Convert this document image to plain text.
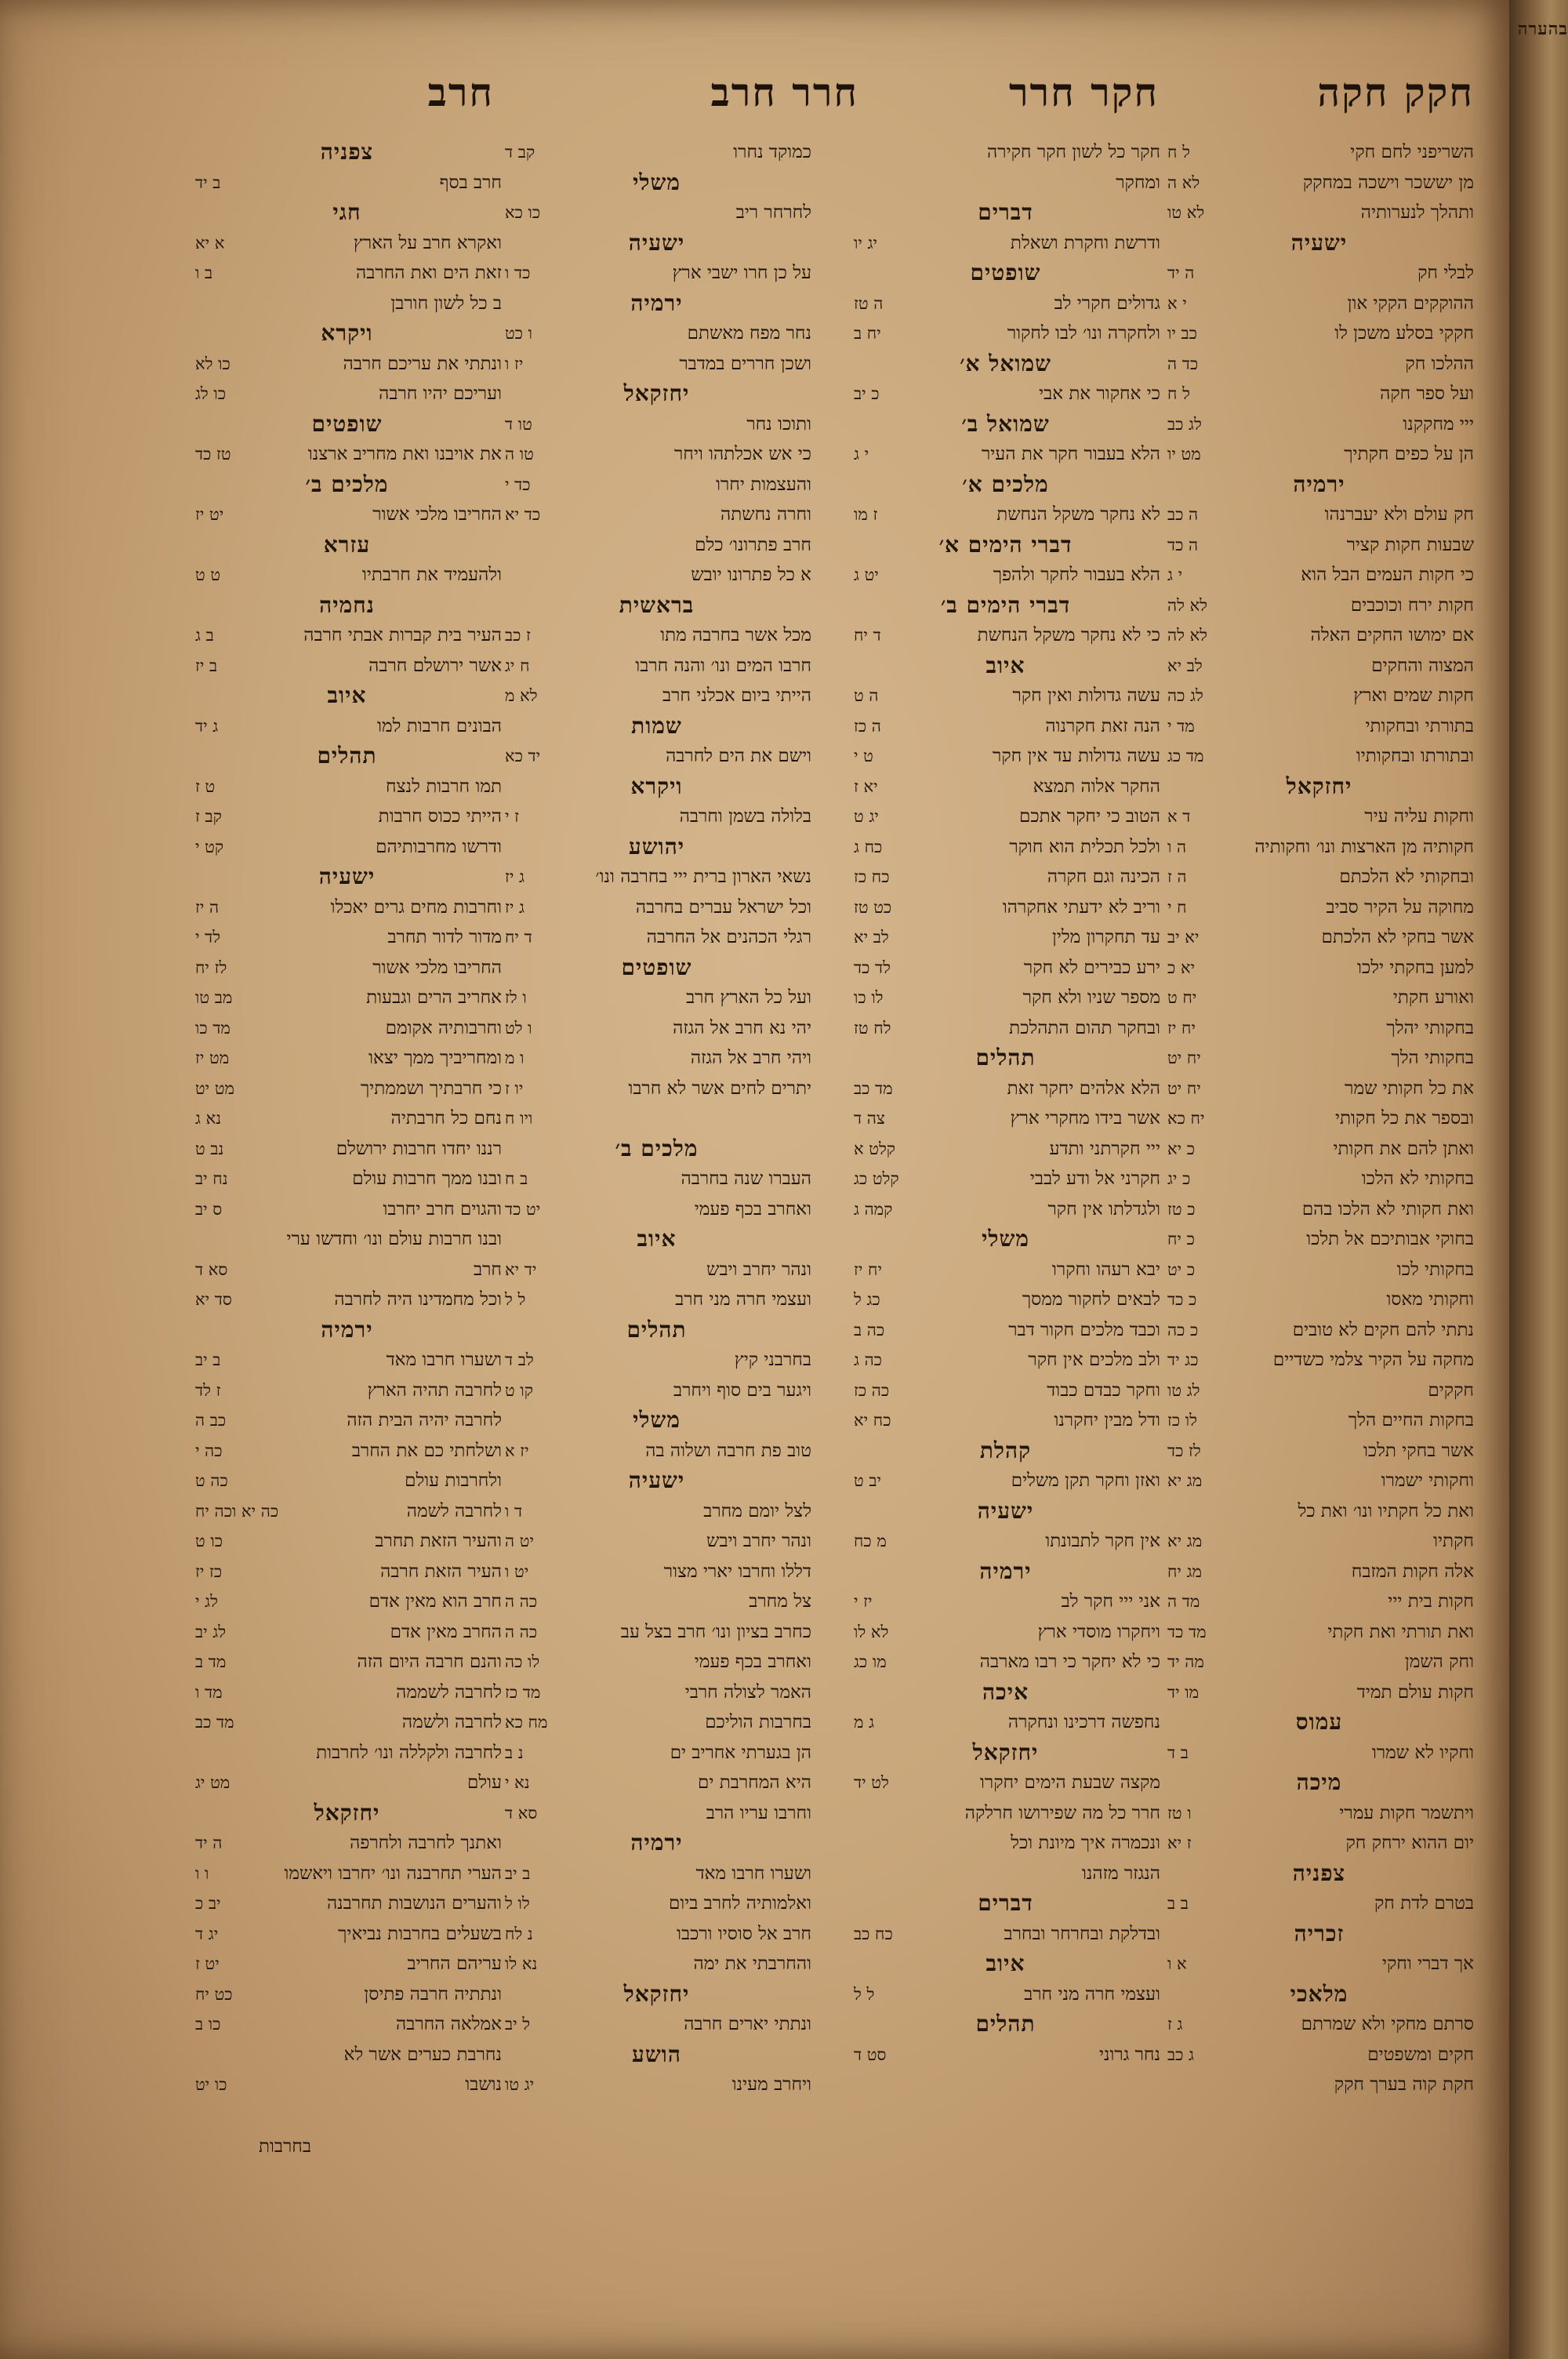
חקק חקה
חקר חרר
חרר חרב
חרב
השריפני לחם חקי
ל ח
מן יששכר וישכה במחקק
לא ה
ותהלך לנערותיה
לא טו
ישעיה
לבלי חק
ה יד
ההוקקים הקקי און
י א
חקקי בסלע משכן לו
כב יו
ההלכו חק
כד ה
ועל ספר חקה
ל ח
ייי מחקקנו
לג כב
הן על כפים חקתיך
מט יו
ירמיה
חק עולם ולא יעברנהו
ה כב
שבעות חקות קציר
ה כד
כי חקות העמים הבל הוא
י ג
חקות ירח וכוכבים
לא לה
אם ימושו החקים האלה
לא לה
המצוה והחקים
לב יא
חקות שמים וארץ
לג כה
בתורתי ובחקותי
מד י
ובתורתו ובחקותיו
מד כג
יחזקאל
וחקות עליה עיר
ד א
חקותיה מן הארצות ונו׳ וחקותיה
ה ו
ובחקותי לא הלכתם
ה ז
מחוקה על הקיר סביב
ח י
אשר בחקי לא הלכתם
יא יב
למען בחקתי ילכו
יא כ
ואורע חקתי
יח ט
בחקותי יהלך
יח יז
בחקותי הלך
יח יט
את כל חקותי שמר
יח יט
ובספר את כל חקותי
יח כא
ואתן להם את חקותי
כ יא
בחקותי לא הלכו
כ יג
ואת חקותי לא הלכו בהם
כ טז
בחוקי אבותיכם אל תלכו
כ יח
בחקותי לכו
כ יט
וחקותי מאסו
כ כד
נתתי להם חקים לא טובים
כ כה
מחקה על הקיר צלמי כשדיים
כג יד
חקקים
לג טו
בחקות החיים הלך
לו כז
אשר בחקי תלכו
לז כד
וחקותי ישמרו
מג יא
ואת כל חקתיו ונו׳ ואת כל
חקתיו
מג יא
אלה חקות המזבח
מג יח
חקות בית ייי
מד ה
ואת תורתי ואת חקתי
מד כד
וחק השמן
מה יד
חקות עולם תמיד
מו יד
עמוס
וחקיו לא שמרו
ב ד
מיכה
ויתשמר חקות עמרי
ו טז
יום ההוא ירחק חק
ז יא
צפניה
בטרם לדת חק
ב ב
זכריה
אך דברי וחקי
א ו
מלאכי
סרתם מחקי ולא שמרתם
ג ז
חקים ומשפטים
ג כב
חקת קוה בערך חקק
חקר כל לשון חקר חקירה
ומחקר
דברים
ודרשת וחקרת ושאלת
יג יו
שופטים
גדולים חקרי לב
ה טז
ולחקרה ונו׳ לבו לחקור
יח ב
שמואל א׳
כי אחקור את אבי
כ יב
שמואל ב׳
הלא בעבור חקר את העיר
י ג
מלכים א׳
לא נחקר משקל הנחשת
ז מו
דברי הימים א׳
הלא בעבור לחקר ולהפך
יט ג
דברי הימים ב׳
כי לא נחקר משקל הנחשת
ד יח
איוב
עשה גדולות ואין חקר
ה ט
הנה זאת חקרנוה
ה כז
עשה גדולות עד אין חקר
ט י
החקר אלוה תמצא
יא ז
הטוב כי יחקר אתכם
יג ט
ולכל תכלית הוא חוקר
כח ג
הכינה וגם חקרה
כח כז
וריב לא ידעתי אחקרהו
כט טז
עד תחקרון מלין
לב יא
ירע כבירים לא חקר
לד כד
מספר שניו ולא חקר
לו כו
ובחקר תהום התהלכת
לח טז
תהלים
הלא אלהים יחקר זאת
מד כב
אשר בידו מחקרי ארץ
צה ד
ייי חקרתני ותדע
קלט א
חקרני אל ודע לבבי
קלט כג
ולגדלתו אין חקר
קמה ג
משלי
יבא רעהו וחקרו
יח יז
לבאים לחקור ממסך
כג ל
וכבד מלכים חקור דבר
כה ב
ולב מלכים אין חקר
כה ג
וחקר כבדם כבוד
כה כז
ודל מבין יחקרנו
כח יא
קהלת
ואזן וחקר תקן משלים
יב ט
ישעיה
אין חקר לתבונתו
מ כח
ירמיה
אני ייי חקר לב
יז י
ויחקרו מוסדי ארץ
לא לו
כי לא יחקר כי רבו מארבה
מו כג
איכה
נחפשה דרכינו ונחקרה
ג מ
יחזקאל
מקצה שבעת הימים יחקרו
לט יד
חרר כל מה שפירושו חרלקה
ונכמרה איך מיונת וכל
הנגזר מזהנו
דברים
ובדלקת ובחרחר ובחרב
כח כב
איוב
ועצמי חרה מני חרב
ל ל
תהלים
נחר גרוני
סט ד
כמוקד נחרו
קב ד
משלי
לחרחר ריב
כו כא
ישעיה
על כן חרו ישבי ארץ
כד ו
ירמיה
נחר מפח מאשתם
ו כט
ושכן חררים במדבר
יז ו
יחזקאל
ותוכו נחר
טו ד
כי אש אכלתהו ויחר
טו ה
והעצמות יחרו
כד י
וחרה נחשתה
כד יא
חרב פתרונו׳ כלם
א כל פתרונו יובש
בראשית
מכל אשר בחרבה מתו
ז כב
חרבו המים ונו׳ והנה חרבו
ח יג
הייתי ביום אכלני חרב
לא מ
שמות
וישם את הים לחרבה
יד כא
ויקרא
בלולה בשמן וחרבה
ז י
יהושע
נשאי הארון ברית ייי בחרבה ונו׳
ג יז
וכל ישראל עברים בחרבה
ג יז
רגלי הכהנים אל החרבה
ד יח
שופטים
ועל כל הארץ חרב
ו לז
יהי נא חרב אל הגזה
ו לט
ויהי חרב אל הגזה
ו מ
יתרים לחים אשר לא חרבו
יו ז
ויו ח
מלכים ב׳
העברו שנה בחרבה
ב ח
ואחרב בכף פעמי
יט כד
איוב
ונהר יחרב ויבש
יד יא
ועצמי חרה מני חרב
ל ל
תהלים
בחרבני קיץ
לב ד
ויגער בים סוף ויחרב
קו ט
משלי
טוב פת חרבה ושלוה בה
יז א
ישעיה
לצל יומם מחרב
ד ו
ונהר יחרב ויבש
יט ה
דללו וחרבו יארי מצור
יט ו
צל מחרב
כה ה
כחרב בציון ונו׳ חרב בצל עב
כה ה
ואחרב בכף פעמי
לו כה
האמר לצולה חרבי
מד כז
בחרבות הוליכם
מח כא
הן בגערתי אחריב ים
נ ב
היא המחרבת ים
נא י
וחרבו עריו הרב
סא ד
ירמיה
ושערו חרבו מאד
ב יב
ואלמותיה לחרב ביום
לו ל
חרב אל סוסיו ורכבו
נ לח
והחרבתי את ימה
נא לו
יחזקאל
ונתתי יארים חרבה
ל יב
הושע
ויחרב מעינו
יג טו
צפניה
חרב בסף
ב יד
חגי
ואקרא חרב על הארץ
א יא
זאת הים ואת החרבה
ב ו
ב כל לשון חורבן
ויקרא
ונתתי את עריכם חרבה
כו לא
ועריכם יהיו חרבה
כו לג
שופטים
את אויבנו ואת מחריב ארצנו
טז כד
מלכים ב׳
החריבו מלכי אשור
יט יז
עזרא
ולהעמיד את חרבתיו
ט ט
נחמיה
העיר בית קברות אבתי חרבה
ב ג
אשר ירושלם חרבה
ב יז
איוב
הבונים חרבות למו
ג יד
תהלים
תמו חרבות לנצח
ט ז
הייתי ככוס חרבות
קב ז
ודרשו מחרבותיהם
קט י
ישעיה
וחרבות מחים גרים יאכלו
ה יז
מדור לדור תחרב
לד י
החריבו מלכי אשור
לז יח
אחריב הרים וגבעות
מב טו
וחרבותיה אקומם
מד כו
ומחריביך ממך יצאו
מט יז
כי חרבתיך ושממתיך
מט יט
נחם כל חרבתיה
נא ג
רננו יחדו חרבות ירושלם
נב ט
ובנו ממך חרבות עולם
נח יב
והגוים חרב יחרבו
ס יב
ובנו חרבות עולם ונו׳ וחדשו ערי
חרב
סא ד
וכל מחמדינו היה לחרבה
סד יא
ירמיה
ושערו חרבו מאד
ב יב
לחרבה תהיה הארץ
ז לד
לחרבה יהיה הבית הזה
כב ה
ושלחתי כם את החרב
כה י
ולחרבות עולם
כה ט
לחרבה לשמה
כה יא וכה יח
והעיר הזאת תחרב
כו ט
העיר הזאת חרבה
כז יז
חרב הוא מאין אדם
לג י
החרב מאין אדם
לג יב
והנם חרבה היום הזה
מד ב
לחרבה לשממה
מד ו
לחרבה ולשמה
מד כב
לחרבה ולקללה ונו׳ לחרבות
עולם
מט יג
יחזקאל
ואתנך לחרבה ולחרפה
ה יד
הערי תחרבנה ונו׳ יחרבו ויאשמו
ו ו
והערים הנושבות תחרבנה
יב כ
בשעלים בחרבות נביאיך
יג ד
עריהם החריב
יט ז
ונתתיה חרבה פתיסן
כט יח
אמלאה החרבה
כו ב
נחרבת כערים אשר לא
נושבו
כו יט
בחרבות
בהערה
